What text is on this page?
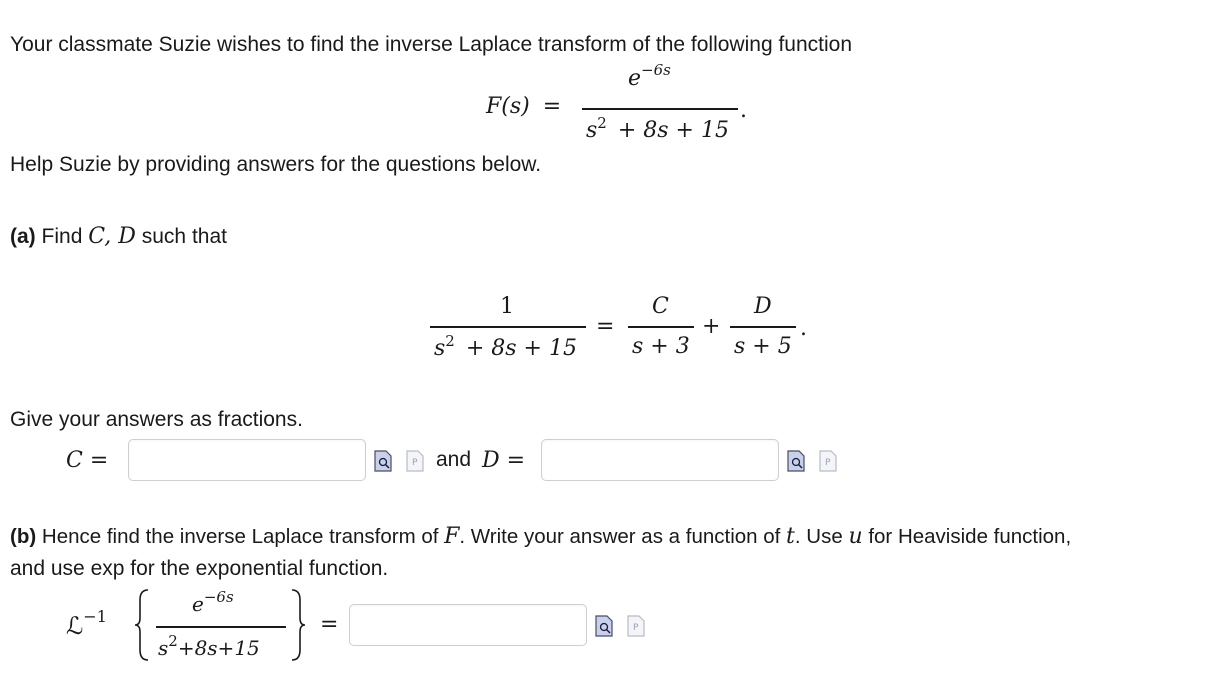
Your classmate Suzie wishes to find the inverse Laplace transform of the following function
F(s) =
$e^{-6s}$
$s^2 + 8s + 15$
.
Help Suzie by providing answers for the questions below.
(a) Find C, D such that
1
$s^2 + 8s + 15$
=
C
s + 3
+
D
s + 5
.
Give your answers as fractions.
C =	P and D =	P
(b) Hence find the inverse Laplace transform of F. Write your answer as a function of t. Use u for Heaviside function,
and use exp for the exponential function.
ℒ$^{-1}$
$e^{-6s}$
$s^2+8s+15$
=	P
